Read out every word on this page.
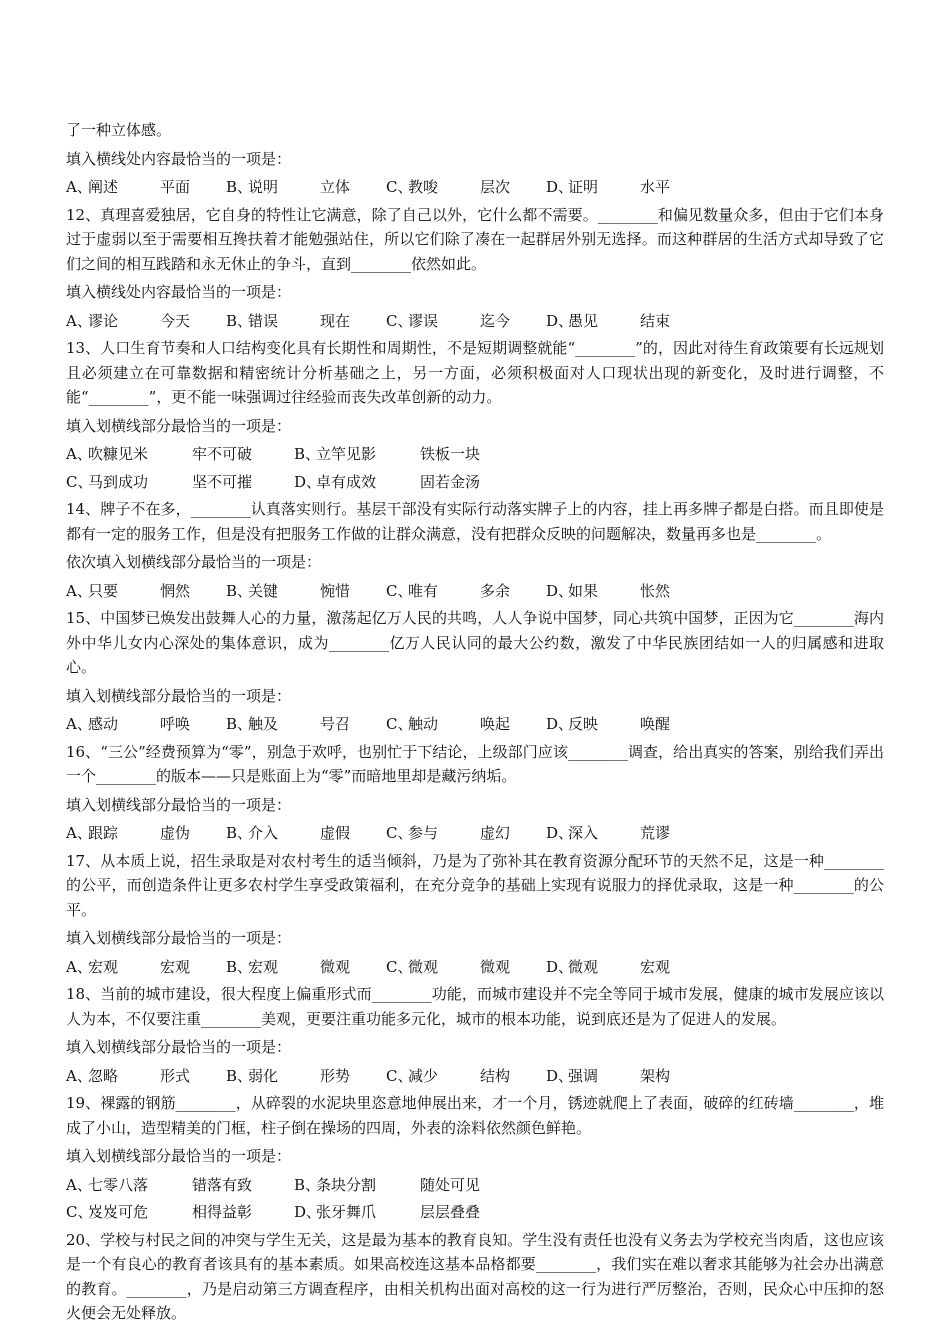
了一种立体感。

填入横线处内容最恰当的一项是：

A、
阐述	平面 B、
说明	立体 C、
教唆	层次 D、
证明	水平

12、真理喜爱独居，它自身的特性让它满意，除了自己以外，它什么都不需要。________和偏见数量众多，但由于它们本身过于虚弱以至于需要相互搀扶着才能勉强站住，所以它们除了凑在一起群居外别无选择。而这种群居的生活方式却导致了它们之间的相互践踏和永无休止的争斗，直到________依然如此。

填入横线处内容最恰当的一项是：

A、
谬论	今天 B、
错误	现在 C、
谬误	迄今 D、
愚见	结束

13、人口生育节奏和人口结构变化具有长期性和周期性，不是短期调整就能“________”的，因此对待生育政策要有长远规划且必须建立在可靠数据和精密统计分析基础之上，另一方面，必须积极面对人口现状出现的新变化，及时进行调整，不能“________”，更不能一味强调过往经验而丧失改革创新的动力。

填入划横线部分最恰当的一项是：

A、
吹糠见米	牢不可破	B、
立竿见影	铁板一块
C、
马到成功	坚不可摧	D、
卓有成效	固若金汤

14、牌子不在多，________认真落实则行。基层干部没有实际行动落实牌子上的内容，挂上再多牌子都是白搭。而且即使是都有一定的服务工作，但是没有把服务工作做的让群众满意，没有把群众反映的问题解决，数量再多也是________。

依次填入划横线部分最恰当的一项是：

A、
只要	惘然 B、
关键	惋惜 C、
唯有	多余 D、
如果	怅然

15、中国梦已焕发出鼓舞人心的力量，激荡起亿万人民的共鸣，人人争说中国梦，同心共筑中国梦，正因为它________海内外中华儿女内心深处的集体意识，成为________亿万人民认同的最大公约数，激发了中华民族团结如一人的归属感和进取心。

填入划横线部分最恰当的一项是：

A、
感动	呼唤 B、
触及	号召 C、
触动	唤起 D、
反映	唤醒

16、“三公”经费预算为“零”，别急于欢呼，也别忙于下结论，上级部门应该________调查，给出真实的答案，别给我们弄出一个________的版本——只是账面上为“零”而暗地里却是藏污纳垢。

填入划横线部分最恰当的一项是：

A、
跟踪	虚伪 B、
介入	虚假 C、
参与	虚幻 D、
深入	荒谬

17、从本质上说，招生录取是对农村考生的适当倾斜，乃是为了弥补其在教育资源分配环节的天然不足，这是一种________的公平，而创造条件让更多农村学生享受政策福利，在充分竞争的基础上实现有说服力的择优录取，这是一种________的公平。

填入划横线部分最恰当的一项是：

A、
宏观	宏观 B、
宏观	微观 C、
微观	微观 D、
微观	宏观

18、当前的城市建设，很大程度上偏重形式而________功能，而城市建设并不完全等同于城市发展，健康的城市发展应该以人为本，不仅要注重________美观，更要注重功能多元化，城市的根本功能，说到底还是为了促进人的发展。

填入划横线部分最恰当的一项是：

A、
忽略	形式 B、
弱化	形势 C、
减少	结构 D、
强调	架构

19、裸露的钢筋________，从碎裂的水泥块里恣意地伸展出来，才一个月，锈迹就爬上了表面，破碎的红砖墙________，堆成了小山，造型精美的门框，柱子倒在操场的四周，外表的涂料依然颜色鲜艳。

填入划横线部分最恰当的一项是：

A、
七零八落	错落有致	B、
条块分割	随处可见
C、
岌岌可危	相得益彰	D、
张牙舞爪	层层叠叠

20、学校与村民之间的冲突与学生无关，这是最为基本的教育良知。学生没有责任也没有义务去为学校充当肉盾，这也应该是一个有良心的教育者该具有的基本素质。如果高校连这基本品格都要________，我们实在难以奢求其能够为社会办出满意的教育。________，乃是启动第三方调查程序，由相关机构出面对高校的这一行为进行严厉整治，否则，民众心中压抑的怒火便会无处释放。
